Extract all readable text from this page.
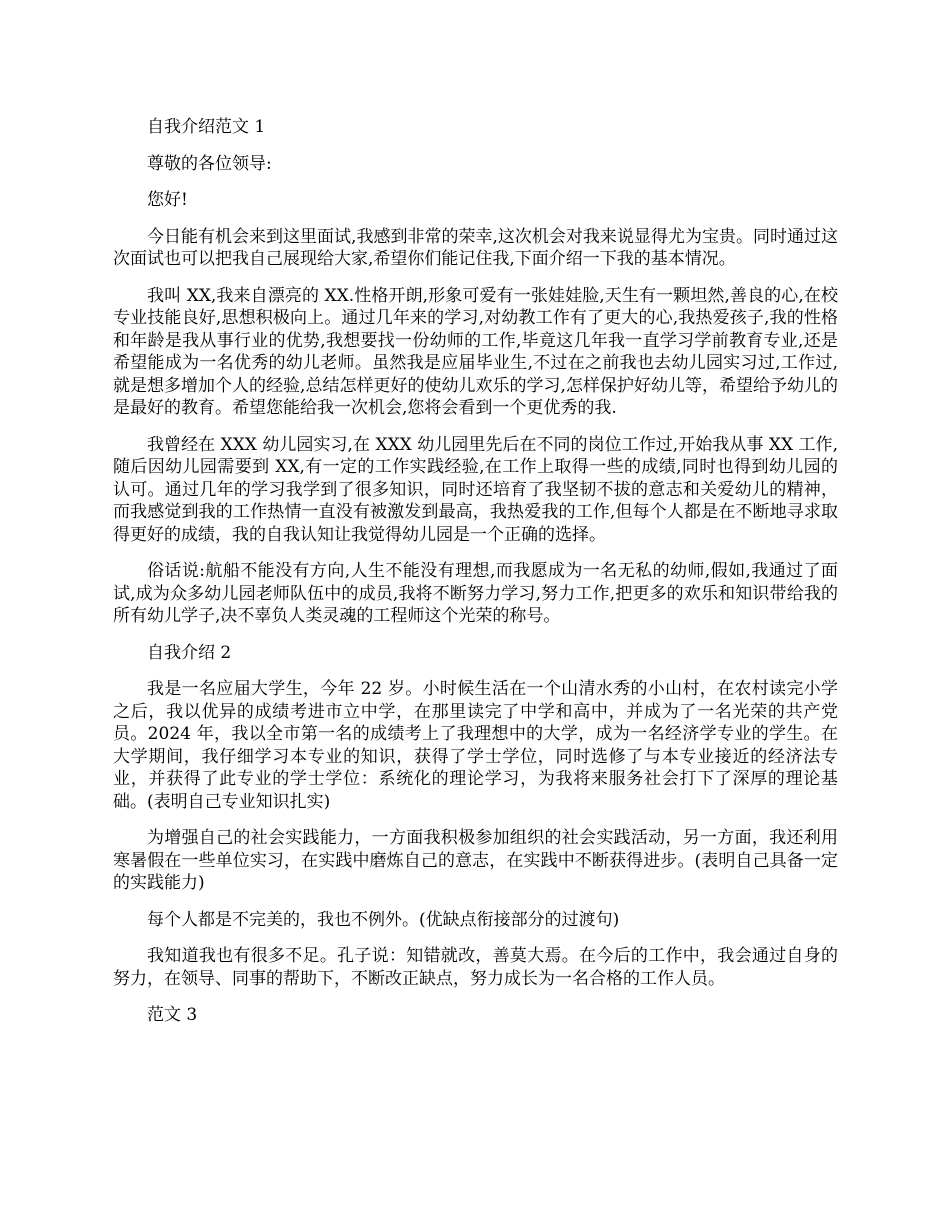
自我介绍范文 1

尊敬的各位领导:

您好!

今日能有机会来到这里面试,我感到非常的荣幸,这次机会对我来说显得尤为宝贵。同时通过这次面试也可以把我自己展现给大家,希望你们能记住我,下面介绍一下我的基本情况。

我叫 XX,我来自漂亮的 XX.性格开朗,形象可爱有一张娃娃脸,天生有一颗坦然,善良的心,在校专业技能良好,思想积极向上。通过几年来的学习,对幼教工作有了更大的心,我热爱孩子,我的性格和年龄是我从事行业的优势,我想要找一份幼师的工作,毕竟这几年我一直学习学前教育专业,还是希望能成为一名优秀的幼儿老师。虽然我是应届毕业生,不过在之前我也去幼儿园实习过,工作过,就是想多增加个人的经验,总结怎样更好的使幼儿欢乐的学习,怎样保护好幼儿等，希望给予幼儿的是最好的教育。希望您能给我一次机会,您将会看到一个更优秀的我.

我曾经在 XXX 幼儿园实习,在 XXX 幼儿园里先后在不同的岗位工作过,开始我从事 XX 工作,随后因幼儿园需要到 XX,有一定的工作实践经验,在工作上取得一些的成绩,同时也得到幼儿园的认可。通过几年的学习我学到了很多知识，同时还培育了我坚韧不拔的意志和关爱幼儿的精神，而我感觉到我的工作热情一直没有被激发到最高，我热爱我的工作,但每个人都是在不断地寻求取得更好的成绩，我的自我认知让我觉得幼儿园是一个正确的选择。

俗话说:航船不能没有方向,人生不能没有理想,而我愿成为一名无私的幼师,假如,我通过了面试,成为众多幼儿园老师队伍中的成员,我将不断努力学习,努力工作,把更多的欢乐和知识带给我的所有幼儿学子,决不辜负人类灵魂的工程师这个光荣的称号。

自我介绍 2

我是一名应届大学生，今年 22 岁。小时候生活在一个山清水秀的小山村，在农村读完小学之后，我以优异的成绩考进市立中学，在那里读完了中学和高中，并成为了一名光荣的共产党员。2024 年，我以全市第一名的成绩考上了我理想中的大学，成为一名经济学专业的学生。在大学期间，我仔细学习本专业的知识，获得了学士学位，同时选修了与本专业接近的经济法专业，并获得了此专业的学士学位：系统化的理论学习，为我将来服务社会打下了深厚的理论基础。(表明自己专业知识扎实)

为增强自己的社会实践能力，一方面我积极参加组织的社会实践活动，另一方面，我还利用寒暑假在一些单位实习，在实践中磨炼自己的意志，在实践中不断获得进步。(表明自己具备一定的实践能力)

每个人都是不完美的，我也不例外。(优缺点衔接部分的过渡句)

我知道我也有很多不足。孔子说：知错就改，善莫大焉。在今后的工作中，我会通过自身的努力，在领导、同事的帮助下，不断改正缺点，努力成长为一名合格的工作人员。

范文 3
